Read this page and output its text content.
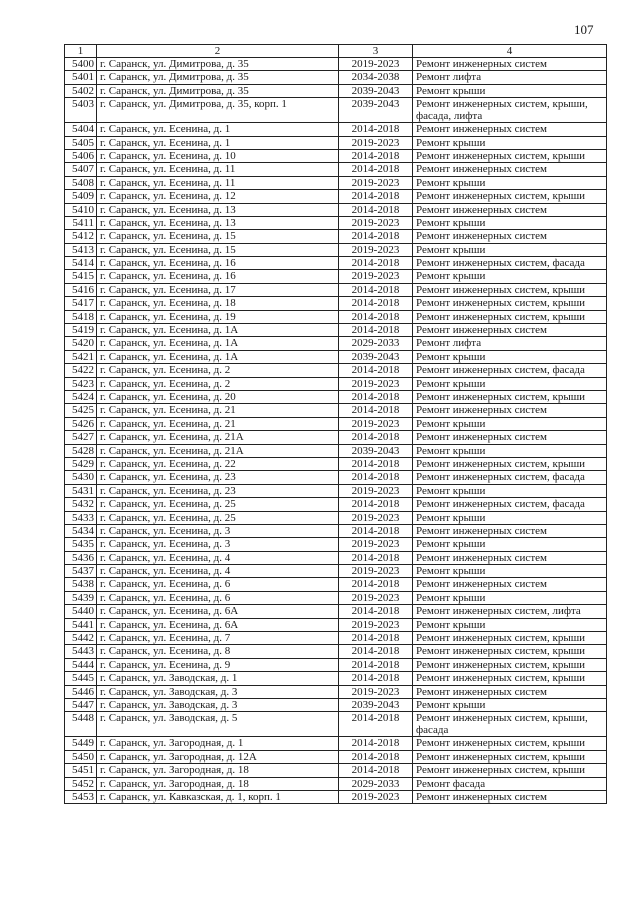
107
1	2	3	4
5400	г. Саранск, ул. Димитрова, д. 35	2019-2023	Ремонт инженерных систем
5401	г. Саранск, ул. Димитрова, д. 35	2034-2038	Ремонт лифта
5402	г. Саранск, ул. Димитрова, д. 35	2039-2043	Ремонт крыши
5403	г. Саранск, ул. Димитрова, д. 35, корп. 1	2039-2043	Ремонт инженерных систем, крыши, фасада, лифта
5404	г. Саранск, ул. Есенина, д. 1	2014-2018	Ремонт инженерных систем
5405	г. Саранск, ул. Есенина, д. 1	2019-2023	Ремонт крыши
5406	г. Саранск, ул. Есенина, д. 10	2014-2018	Ремонт инженерных систем, крыши
5407	г. Саранск, ул. Есенина, д. 11	2014-2018	Ремонт инженерных систем
5408	г. Саранск, ул. Есенина, д. 11	2019-2023	Ремонт крыши
5409	г. Саранск, ул. Есенина, д. 12	2014-2018	Ремонт инженерных систем, крыши
5410	г. Саранск, ул. Есенина, д. 13	2014-2018	Ремонт инженерных систем
5411	г. Саранск, ул. Есенина, д. 13	2019-2023	Ремонт крыши
5412	г. Саранск, ул. Есенина, д. 15	2014-2018	Ремонт инженерных систем
5413	г. Саранск, ул. Есенина, д. 15	2019-2023	Ремонт крыши
5414	г. Саранск, ул. Есенина, д. 16	2014-2018	Ремонт инженерных систем, фасада
5415	г. Саранск, ул. Есенина, д. 16	2019-2023	Ремонт крыши
5416	г. Саранск, ул. Есенина, д. 17	2014-2018	Ремонт инженерных систем, крыши
5417	г. Саранск, ул. Есенина, д. 18	2014-2018	Ремонт инженерных систем, крыши
5418	г. Саранск, ул. Есенина, д. 19	2014-2018	Ремонт инженерных систем, крыши
5419	г. Саранск, ул. Есенина, д. 1А	2014-2018	Ремонт инженерных систем
5420	г. Саранск, ул. Есенина, д. 1А	2029-2033	Ремонт лифта
5421	г. Саранск, ул. Есенина, д. 1А	2039-2043	Ремонт крыши
5422	г. Саранск, ул. Есенина, д. 2	2014-2018	Ремонт инженерных систем, фасада
5423	г. Саранск, ул. Есенина, д. 2	2019-2023	Ремонт крыши
5424	г. Саранск, ул. Есенина, д. 20	2014-2018	Ремонт инженерных систем, крыши
5425	г. Саранск, ул. Есенина, д. 21	2014-2018	Ремонт инженерных систем
5426	г. Саранск, ул. Есенина, д. 21	2019-2023	Ремонт крыши
5427	г. Саранск, ул. Есенина, д. 21А	2014-2018	Ремонт инженерных систем
5428	г. Саранск, ул. Есенина, д. 21А	2039-2043	Ремонт крыши
5429	г. Саранск, ул. Есенина, д. 22	2014-2018	Ремонт инженерных систем, крыши
5430	г. Саранск, ул. Есенина, д. 23	2014-2018	Ремонт инженерных систем, фасада
5431	г. Саранск, ул. Есенина, д. 23	2019-2023	Ремонт крыши
5432	г. Саранск, ул. Есенина, д. 25	2014-2018	Ремонт инженерных систем, фасада
5433	г. Саранск, ул. Есенина, д. 25	2019-2023	Ремонт крыши
5434	г. Саранск, ул. Есенина, д. 3	2014-2018	Ремонт инженерных систем
5435	г. Саранск, ул. Есенина, д. 3	2019-2023	Ремонт крыши
5436	г. Саранск, ул. Есенина, д. 4	2014-2018	Ремонт инженерных систем
5437	г. Саранск, ул. Есенина, д. 4	2019-2023	Ремонт крыши
5438	г. Саранск, ул. Есенина, д. 6	2014-2018	Ремонт инженерных систем
5439	г. Саранск, ул. Есенина, д. 6	2019-2023	Ремонт крыши
5440	г. Саранск, ул. Есенина, д. 6А	2014-2018	Ремонт инженерных систем, лифта
5441	г. Саранск, ул. Есенина, д. 6А	2019-2023	Ремонт крыши
5442	г. Саранск, ул. Есенина, д. 7	2014-2018	Ремонт инженерных систем, крыши
5443	г. Саранск, ул. Есенина, д. 8	2014-2018	Ремонт инженерных систем, крыши
5444	г. Саранск, ул. Есенина, д. 9	2014-2018	Ремонт инженерных систем, крыши
5445	г. Саранск, ул. Заводская, д. 1	2014-2018	Ремонт инженерных систем, крыши
5446	г. Саранск, ул. Заводская, д. 3	2019-2023	Ремонт инженерных систем
5447	г. Саранск, ул. Заводская, д. 3	2039-2043	Ремонт крыши
5448	г. Саранск, ул. Заводская, д. 5	2014-2018	Ремонт инженерных систем, крыши, фасада
5449	г. Саранск, ул. Загородная, д. 1	2014-2018	Ремонт инженерных систем, крыши
5450	г. Саранск, ул. Загородная, д. 12А	2014-2018	Ремонт инженерных систем, крыши
5451	г. Саранск, ул. Загородная, д. 18	2014-2018	Ремонт инженерных систем, крыши
5452	г. Саранск, ул. Загородная, д. 18	2029-2033	Ремонт фасада
5453	г. Саранск, ул. Кавказская, д. 1, корп. 1	2019-2023	Ремонт инженерных систем
